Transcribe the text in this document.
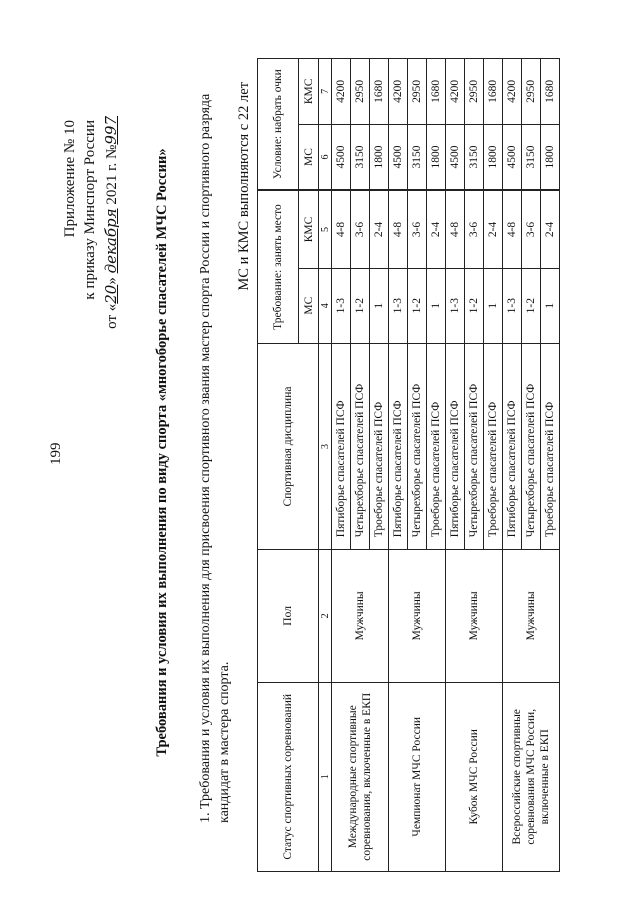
199
Приложение № 10 к приказу Минспорт России
от «20» декабря 2021 г. №997
Требования и условия их выполнения по виду спорта «многоборье спасателей МЧС России» 1. Требования и условия их выполнения для присвоения спортивного звания мастер спорта России и спортивного разряда кандидат в мастера спорта.
МС и КМС выполняются с 22 лет
Статус спортивных соревнований	Пол	Спортивная дисциплина	Требование: занять место		Условие: набрать очки	
			МС	КМС	МС	КМС
1	2	3	4	5	6	7
Международные спортивные соревнования, включенные в ЕКП	Мужчины	Пятиборье спасателей ПСФ	1-3	4-8	4500	4200
		Четырехборье спасателей ПСФ	1-2	3-6	3150	2950
		Троеборье спасателей ПСФ	1	2-4	1800	1680
Чемпионат МЧС России	Мужчины	Пятиборье спасателей ПСФ	1-3	4-8	4500	4200
		Четырехборье спасателей ПСФ	1-2	3-6	3150	2950
		Троеборье спасателей ПСФ	1	2-4	1800	1680
Кубок МЧС России	Мужчины	Пятиборье спасателей ПСФ	1-3	4-8	4500	4200
		Четырехборье спасателей ПСФ	1-2	3-6	3150	2950
		Троеборье спасателей ПСФ	1	2-4	1800	1680
Всероссийские спортивные соревнования МЧС России, включенные в ЕКП	Мужчины	Пятиборье спасателей ПСФ	1-3	4-8	4500	4200
		Четырехборье спасателей ПСФ	1-2	3-6	3150	2950
		Троеборье спасателей ПСФ	1	2-4	1800	1680
